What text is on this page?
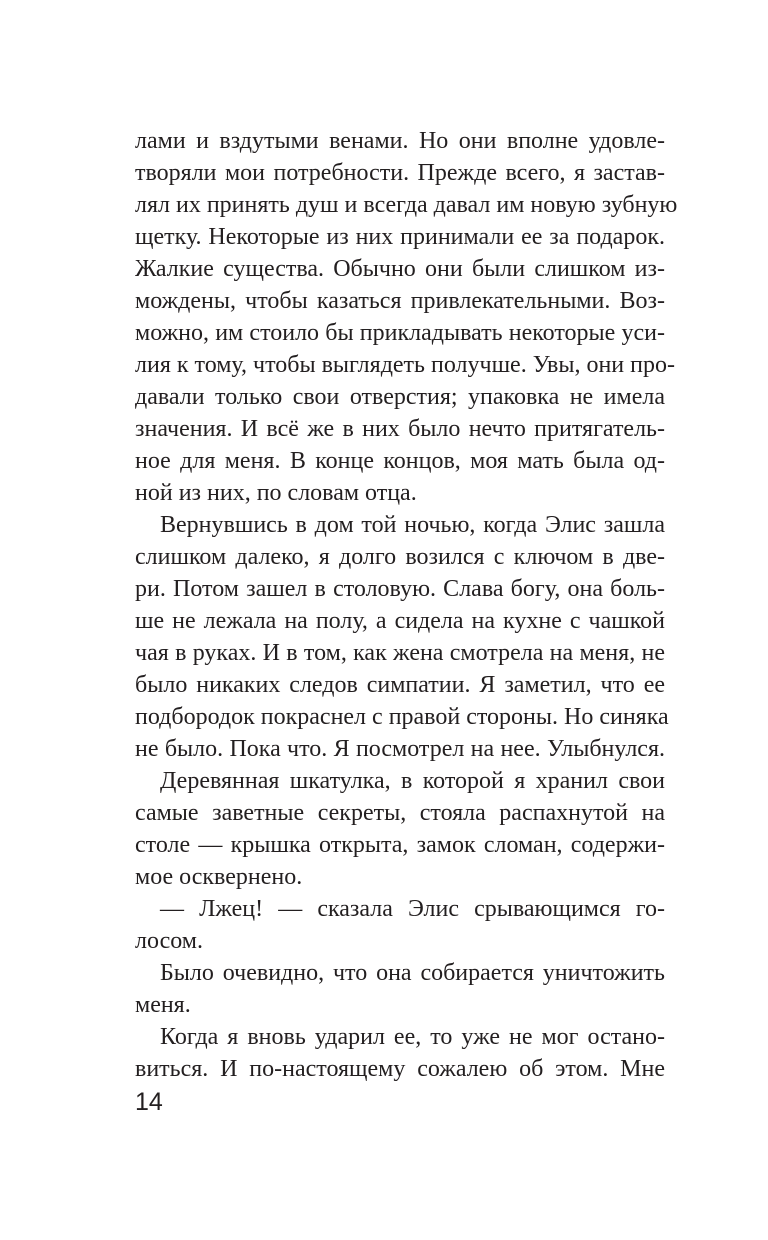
лами и вздутыми венами. Но они вполне удовле-
творяли мои потребности. Прежде всего, я застав-
лял их принять душ и всегда давал им новую зубную
щетку. Некоторые из них принимали ее за подарок.
Жалкие существа. Обычно они были слишком из-
мождены, чтобы казаться привлекательными. Воз-
можно, им стоило бы прикладывать некоторые уси-
лия к тому, чтобы выглядеть получше. Увы, они про-
давали только свои отверстия; упаковка не имела
значения. И всё же в них было нечто притягатель-
ное для меня. В конце концов, моя мать была од-
ной из них, по словам отца.
Вернувшись в дом той ночью, когда Элис зашла
слишком далеко, я долго возился с ключом в две-
ри. Потом зашел в столовую. Слава богу, она боль-
ше не лежала на полу, а сидела на кухне с чашкой
чая в руках. И в том, как жена смотрела на меня, не
было никаких следов симпатии. Я заметил, что ее
подбородок покраснел с правой стороны. Но синяка
не было. Пока что. Я посмотрел на нее. Улыбнулся.
Деревянная шкатулка, в которой я хранил свои
самые заветные секреты, стояла распахнутой на
столе — крышка открыта, замок сломан, содержи-
мое осквернено.
— Лжец! — сказала Элис срывающимся го-
лосом.
Было очевидно, что она собирается уничтожить
меня.
Когда я вновь ударил ее, то уже не мог остано-
виться. И по-настоящему сожалею об этом. Мне
14
